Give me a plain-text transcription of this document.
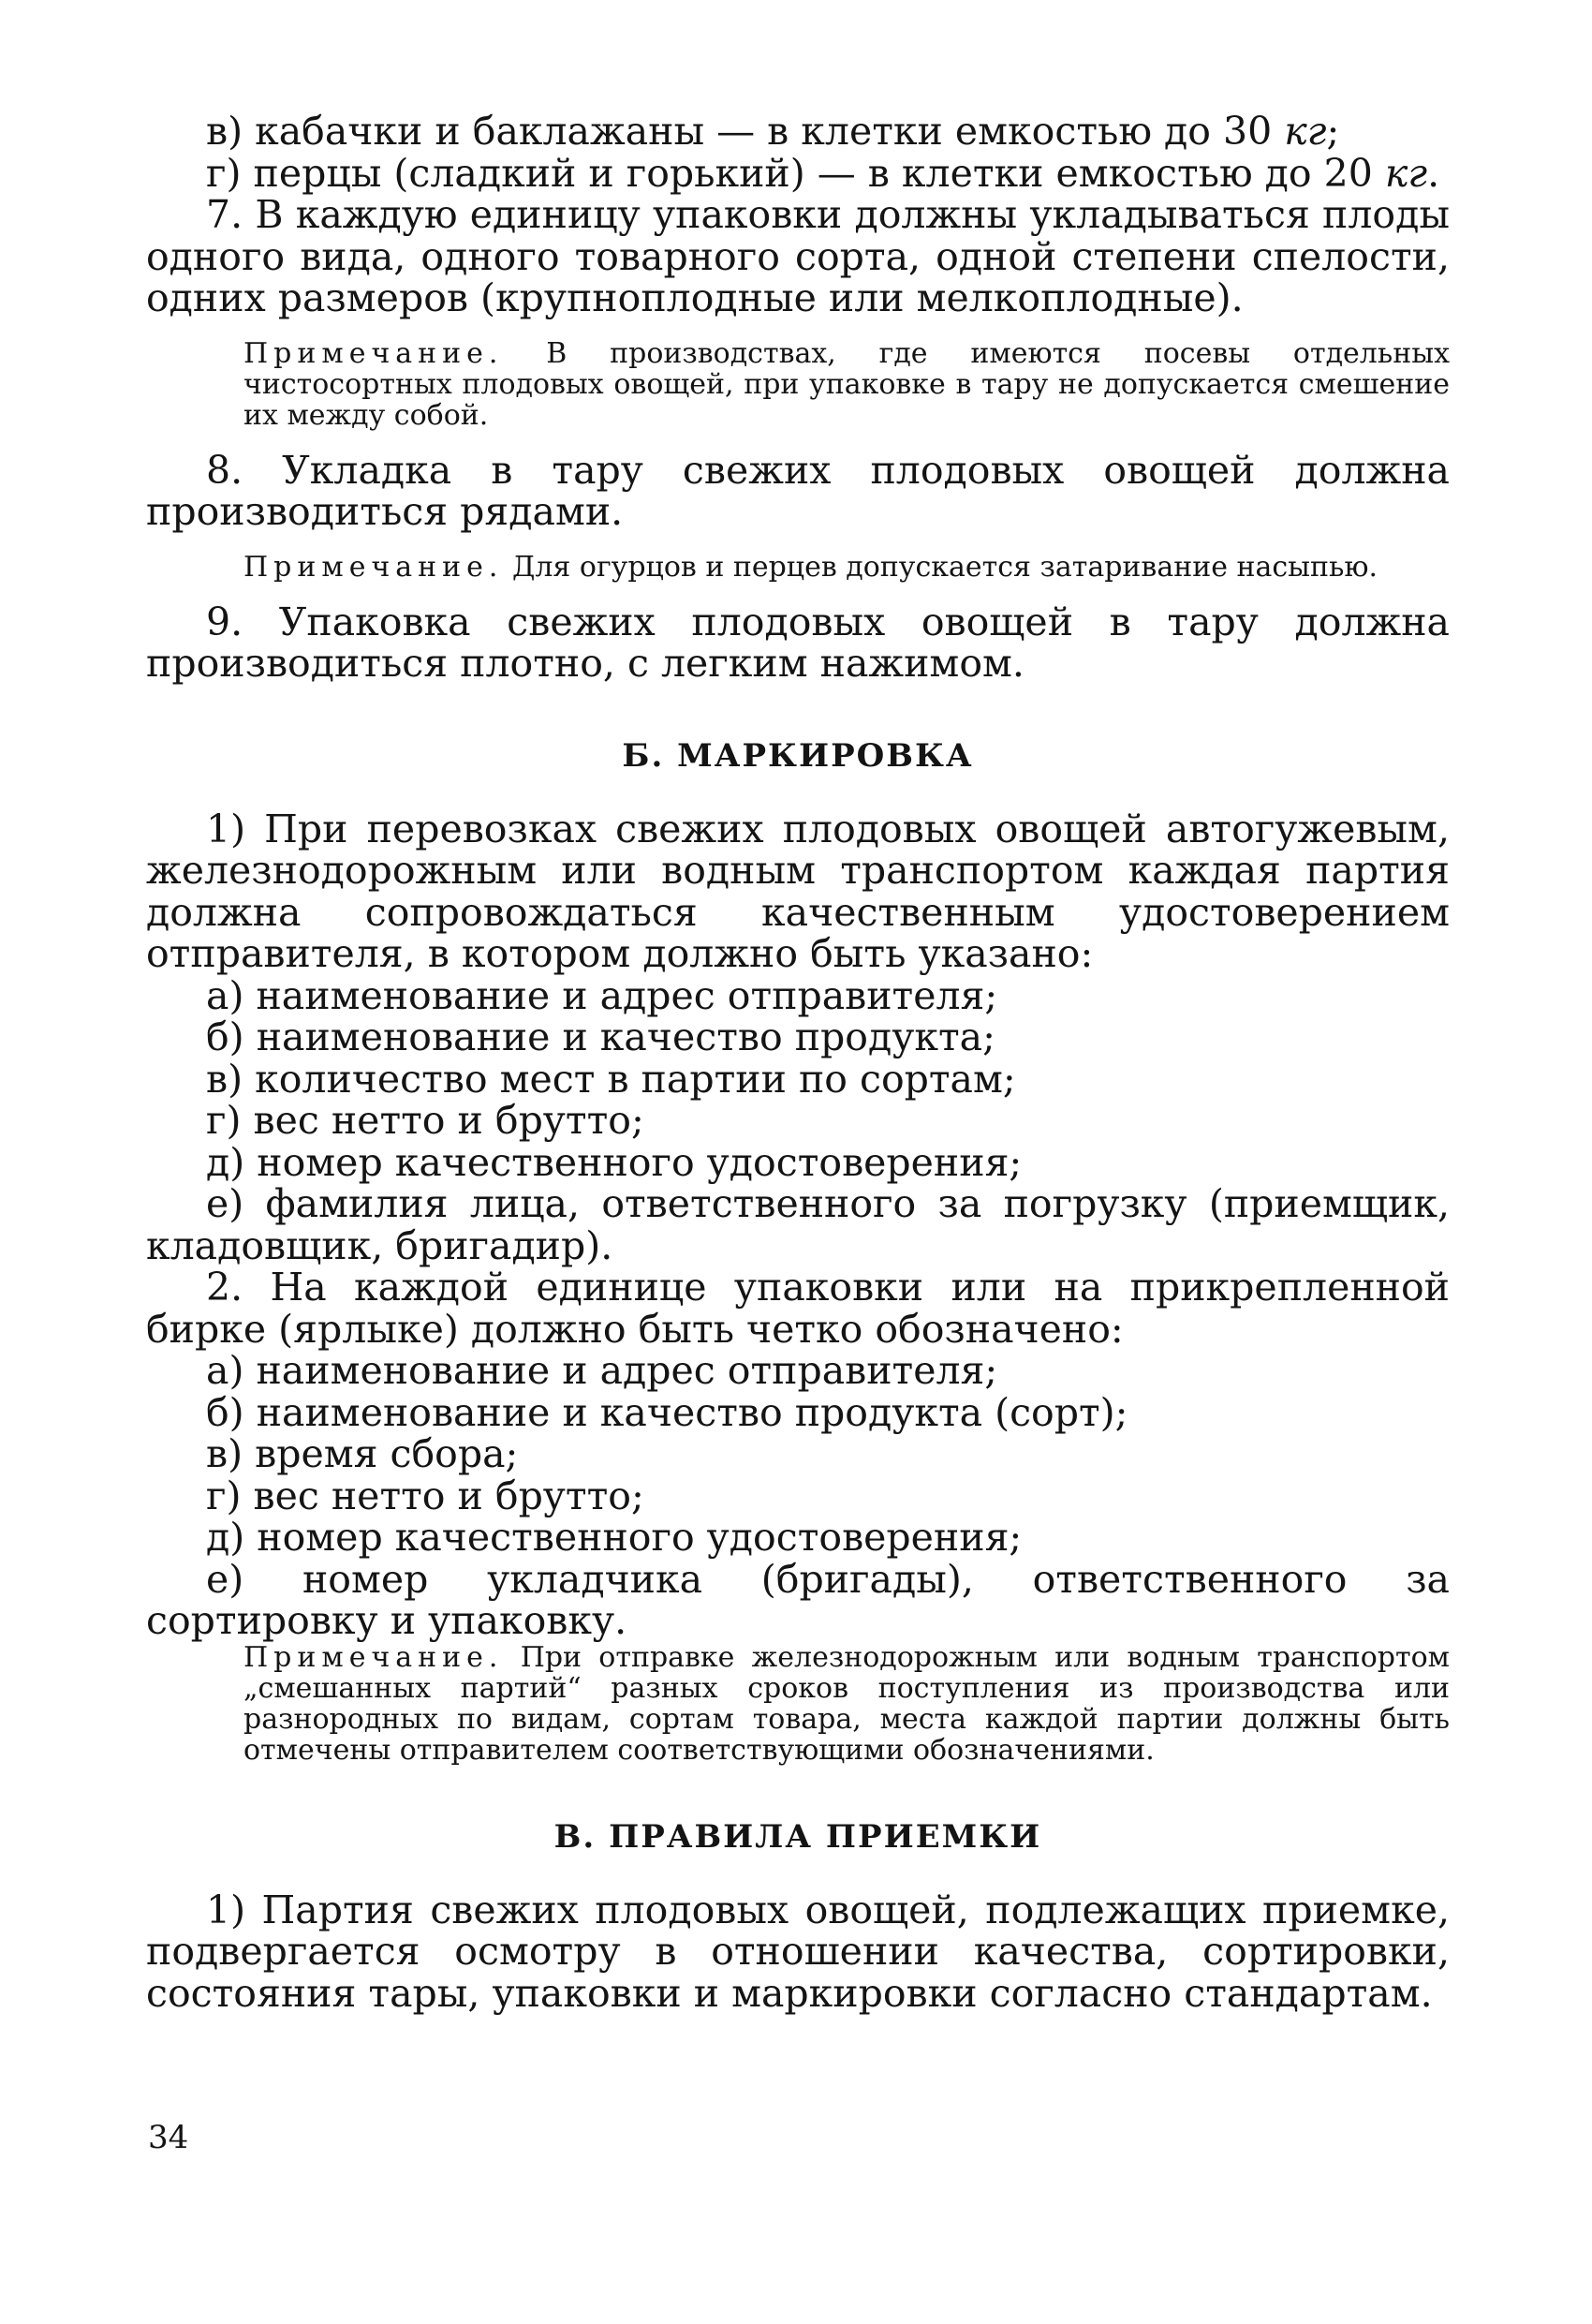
в) кабачки и баклажаны — в клетки емкостью до 30 кг;

г) перцы (сладкий и горький) — в клетки емкостью до 20 кг.

7. В каждую единицу упаковки должны укладываться плоды одного вида, одного товарного сорта, одной степени спелости, одних размеров (крупноплодные или мелкоплодные).

Примечание. В производствах, где имеются посевы отдельных чистосортных плодовых овощей, при упаковке в тару не допускается смешение их между собой.

8. Укладка в тару свежих плодовых овощей должна производиться рядами.

Примечание. Для огурцов и перцев допускается затаривание насыпью.

9. Упаковка свежих плодовых овощей в тару должна производиться плотно, с легким нажимом.

Б. МАРКИРОВКА

1) При перевозках свежих плодовых овощей автогужевым, железнодорожным или водным транспортом каждая партия должна сопровождаться качественным удостоверением отправителя, в котором должно быть указано:

а) наименование и адрес отправителя;

б) наименование и качество продукта;

в) количество мест в партии по сортам;

г) вес нетто и брутто;

д) номер качественного удостоверения;

е) фамилия лица, ответственного за погрузку (приемщик, кладовщик, бригадир).

2. На каждой единице упаковки или на прикрепленной бирке (ярлыке) должно быть четко обозначено:

а) наименование и адрес отправителя;

б) наименование и качество продукта (сорт);

в) время сбора;

г) вес нетто и брутто;

д) номер качественного удостоверения;

е) номер укладчика (бригады), ответственного за сортировку и упаковку.

Примечание. При отправке железнодорожным или водным транспортом „смешанных партий“ разных сроков поступления из производства или разнородных по видам, сортам товара, места каждой партии должны быть отмечены отправителем соответствующими обозначениями.

В. ПРАВИЛА ПРИЕМКИ

1) Партия свежих плодовых овощей, подлежащих приемке, подвергается осмотру в отношении качества, сортировки, состояния тары, упаковки и маркировки согласно стандартам.

34
